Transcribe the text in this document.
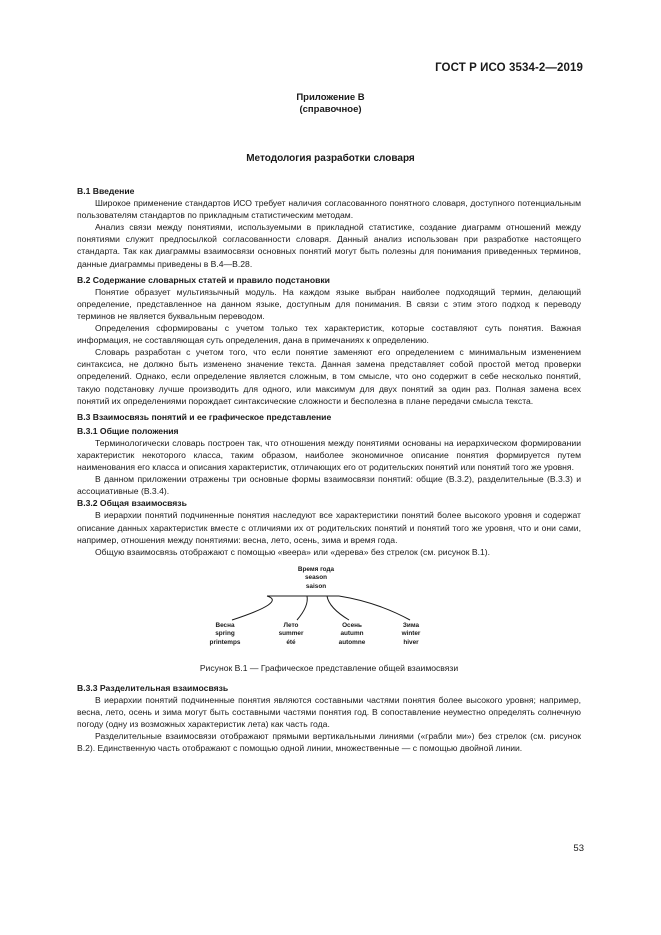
ГОСТ Р ИСО 3534-2—2019
Приложение В
(справочное)
Методология разработки словаря
В.1 Введение

Широкое применение стандартов ИСО требует наличия согласованного понятного словаря, доступного потенциальным пользователям стандартов по прикладным статистическим методам.

Анализ связи между понятиями, используемыми в прикладной статистике, создание диаграмм отношений между понятиями служит предпосылкой согласованности словаря. Данный анализ использован при разработке настоящего стандарта. Так как диаграммы взаимосвязи основных понятий могут быть полезны для понимания приведенных терминов, данные диаграммы приведены в В.4—В.28.

В.2 Содержание словарных статей и правило подстановки

Понятие образует мультиязычный модуль. На каждом языке выбран наиболее подходящий термин, делающий определение, представленное на данном языке, доступным для понимания. В связи с этим этого подход к переводу терминов не является буквальным переводом.

Определения сформированы с учетом только тех характеристик, которые составляют суть понятия. Важная информация, не составляющая суть определения, дана в примечаниях к определению.

Словарь разработан с учетом того, что если понятие заменяют его определением с минимальным изменением синтаксиса, не должно быть изменено значение текста. Данная замена представляет собой простой метод проверки определений. Однако, если определение является сложным, в том смысле, что оно содержит в себе несколько понятий, такую подстановку лучше производить для одного, или максимум для двух понятий за один раз. Полная замена всех понятий их определениями порождает синтаксические сложности и бесполезна в плане передачи смысла текста.

В.3 Взаимосвязь понятий и ее графическое представление
В.3.1 Общие положения

Терминологически словарь построен так, что отношения между понятиями основаны на иерархическом формировании характеристик некоторого класса, таким образом, наиболее экономичное описание понятия формируется путем наименования его класса и описания характеристик, отличающих его от родительских понятий или понятий того же уровня.

В данном приложении отражены три основные формы взаимосвязи понятий: общие (В.3.2), разделительные (В.3.3) и ассоциативные (В.3.4).

В.3.2 Общая взаимосвязь

В иерархии понятий подчиненные понятия наследуют все характеристики понятий более высокого уровня и содержат описание данных характеристик вместе с отличиями их от родительских понятий и понятий того же уровня, что и они сами, например, отношения между понятиями: весна, лето, осень, зима и время года.

Общую взаимосвязь отображают с помощью «веера» или «дерева» без стрелок (см. рисунок В.1).

Время года
season
saison
Весна
spring
printemps
Лето
summer
été
Осень
autumn
automne
Зима
winter
hiver
Рисунок В.1 — Графическое представление общей взаимосвязи
В.3.3 Разделительная взаимосвязь

В иерархии понятий подчиненные понятия являются составными частями понятия более высокого уровня; например, весна, лето, осень и зима могут быть составными частями понятия год. В сопоставление неуместно определять солнечную погоду (одну из возможных характеристик лета) как часть года.

Разделительные взаимосвязи отображают прямыми вертикальными линиями («грабли ми») без стрелок (см. рисунок В.2). Единственную часть отображают с помощью одной линии, множественные — с помощью двойной линии.

53
